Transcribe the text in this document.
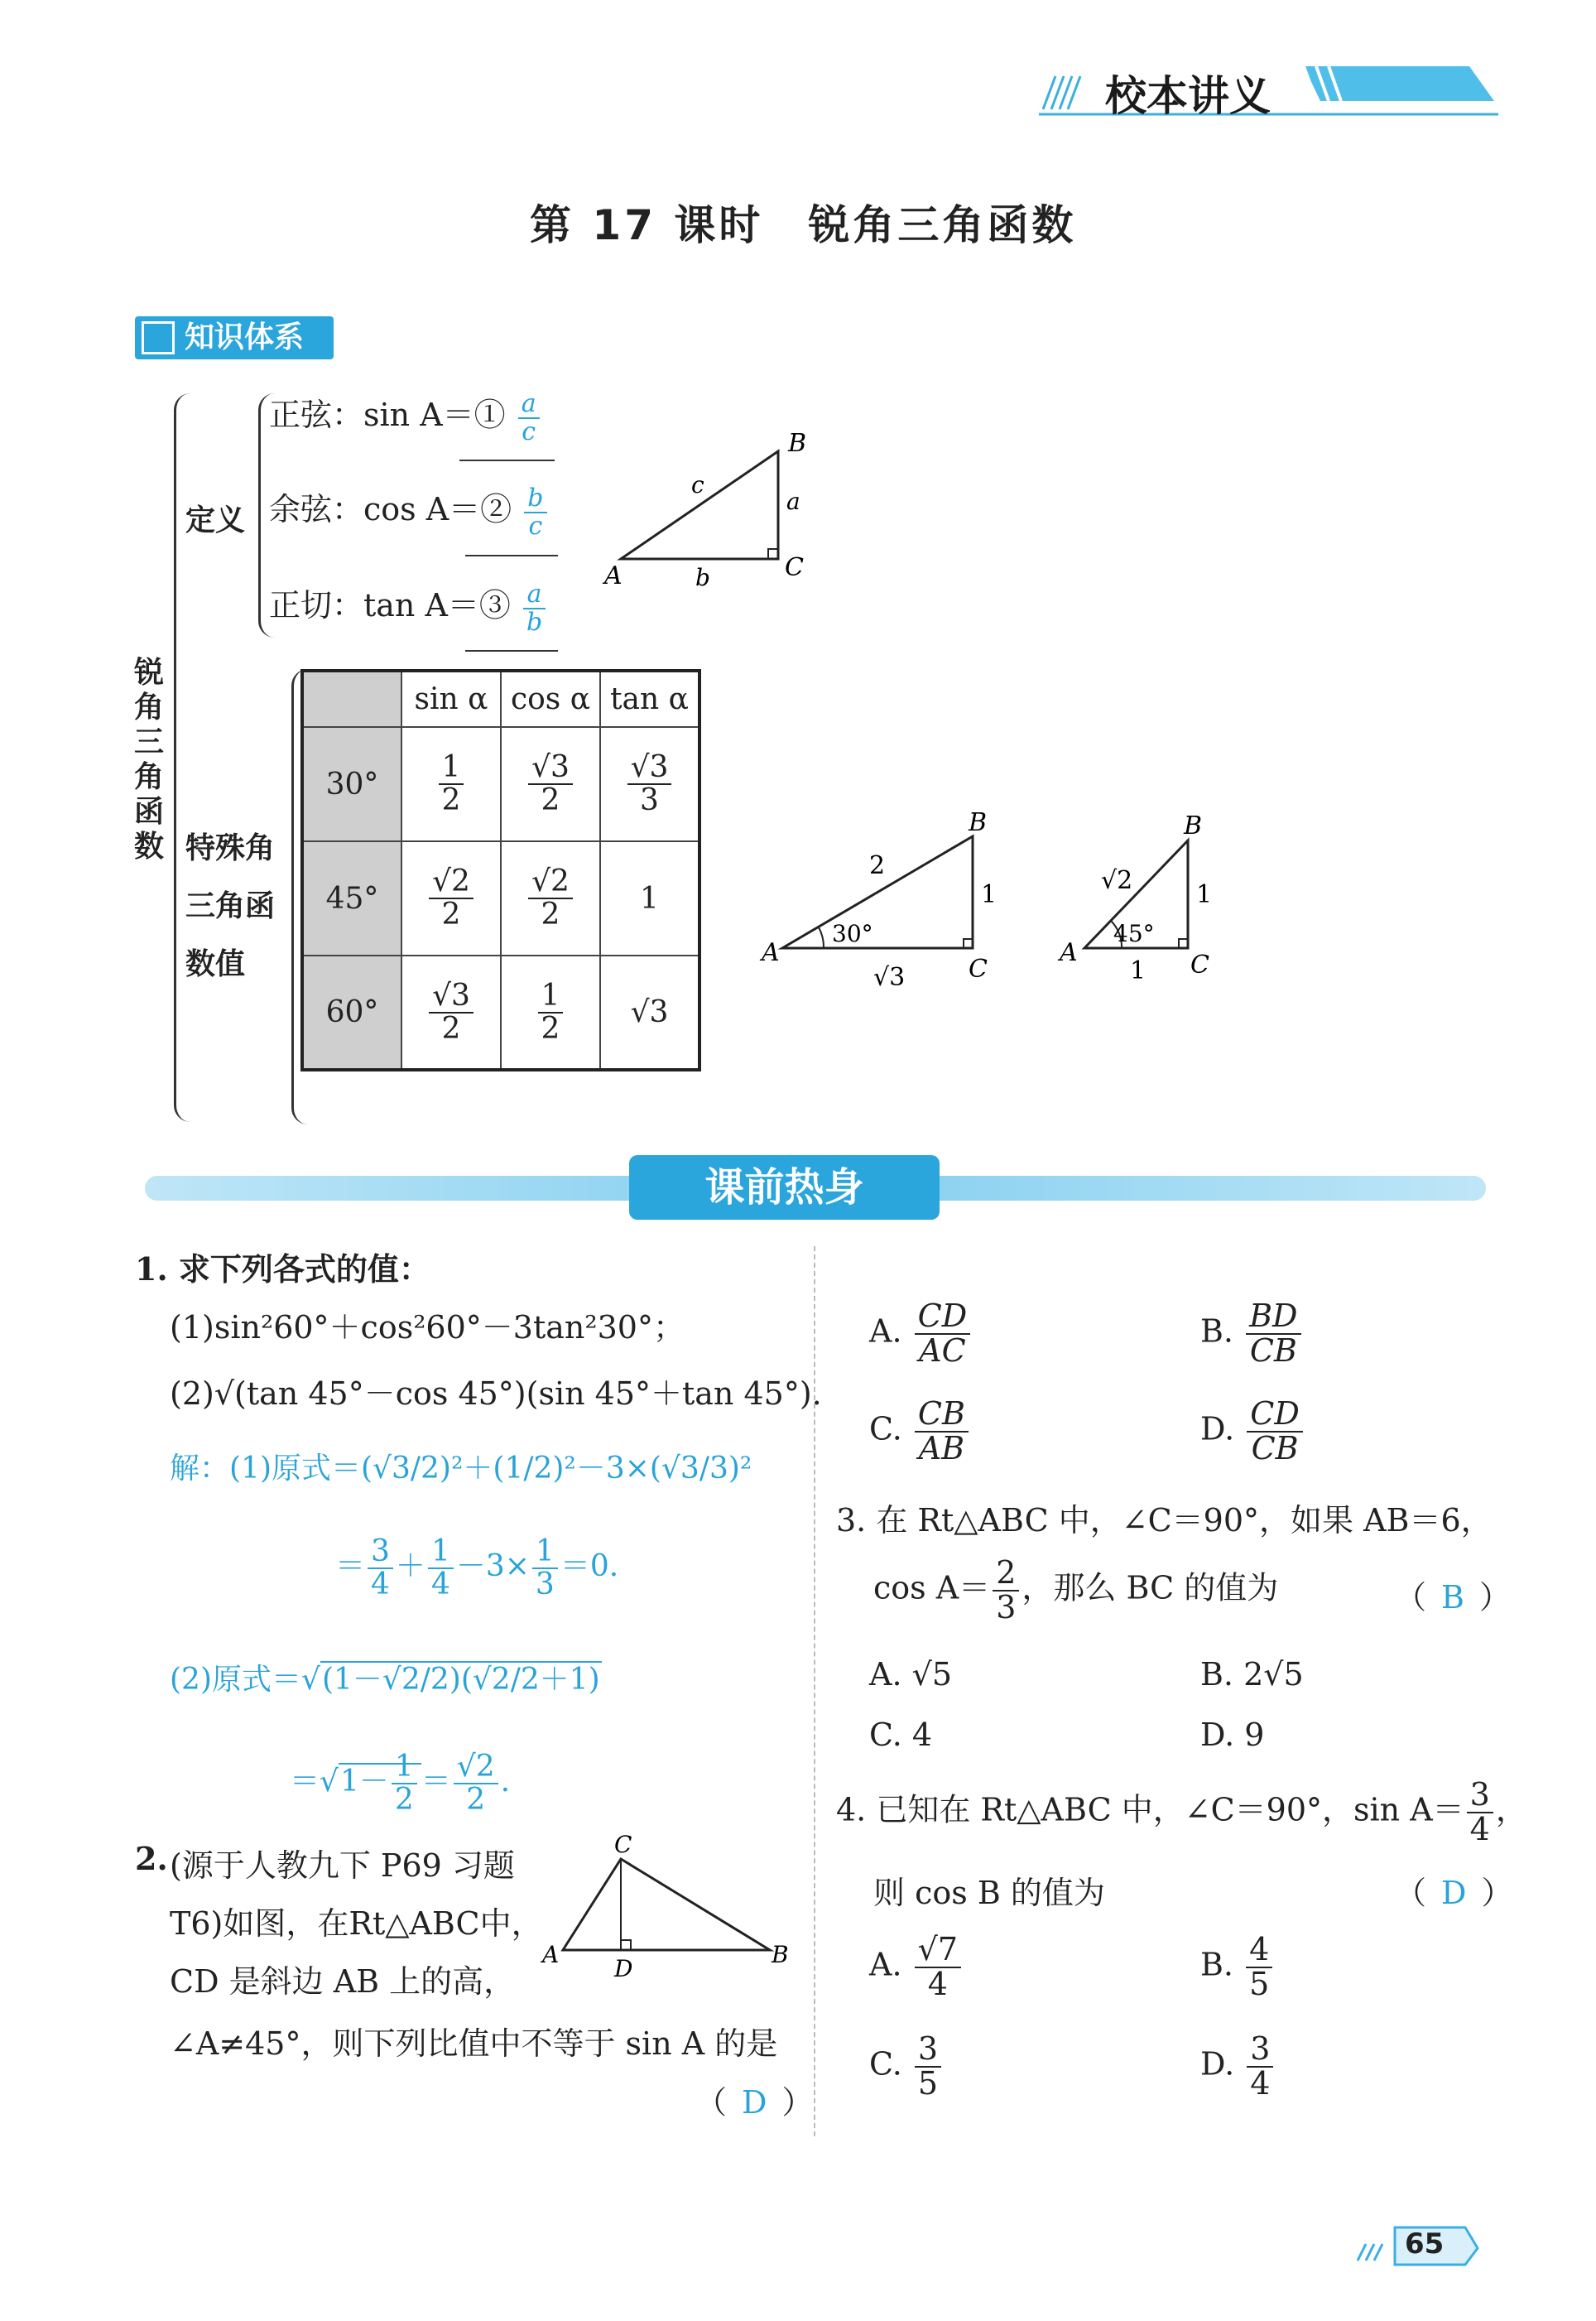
校本讲义
第 17 课时　锐角三角函数
知识体系
锐角三角函数
定义
特殊角
三角函
数值
正弦：sin A＝① $\frac{a}{c}$
余弦：cos A＝② $\frac{b}{c}$
正切：tan A＝③ $\frac{a}{b}$
A
B
C
a
b
c
	sin α	cos α	tan α
30°	$\frac{1}{2}$	$\frac{√3}{2}$	$\frac{√3}{3}$

45°	$\frac{√2}{2}$	$\frac{√2}{2}$	1
60°	$\frac{√3}{2}$	$\frac{1}{2}$	√3
A
B
C
2
1
√3
30°
A
B
C
√2	1
1
45°
课前热身
1. 求下列各式的值：
(1)sin²60°＋cos²60°－3tan²30°；
(2)√(tan 45°－cos 45°)(sin 45°＋tan 45°).
解：(1)原式＝(√3/2)²＋(1/2)²－3×(√3/3)²
＝ $\frac{3}{4} + \frac{1}{4} -3\times \frac{1}{3} =0$.
(2)原式＝√(1－√2/2)(√2/2＋1)
$=√1- \frac{1}{2} = \frac{√2}{2}$ .
2. (源于人教九下 P69 习题
T6)如图，在Rt△ABC中，
CD 是斜边 AB 上的高，
∠A≠45°，则下列比值中不等于 sin A 的是
（ D ）
A
C
B
D
A. $\frac{CD}{AC}$	B. $\frac{BD}{CB}$
C. $\frac{CB}{AB}$	D. $\frac{CD}{CB}$
3. 在 Rt△ABC 中，∠C＝90°，如果 AB＝6，
$\cos A= \frac{2}{3}$ ，那么 BC 的值为	（ B ）
A. √5	B. 2√5
C. 4	D. 9
4. 已知在 Rt△ABC 中，∠C＝90°，$\sin A= \frac{3}{4}$ ，
则 cos B 的值为	（ D ）
A. $\frac{√7}{4}$	B. $\frac{4}{5}$
C. $\frac{3}{5}$	D. $\frac{3}{4}$
65
